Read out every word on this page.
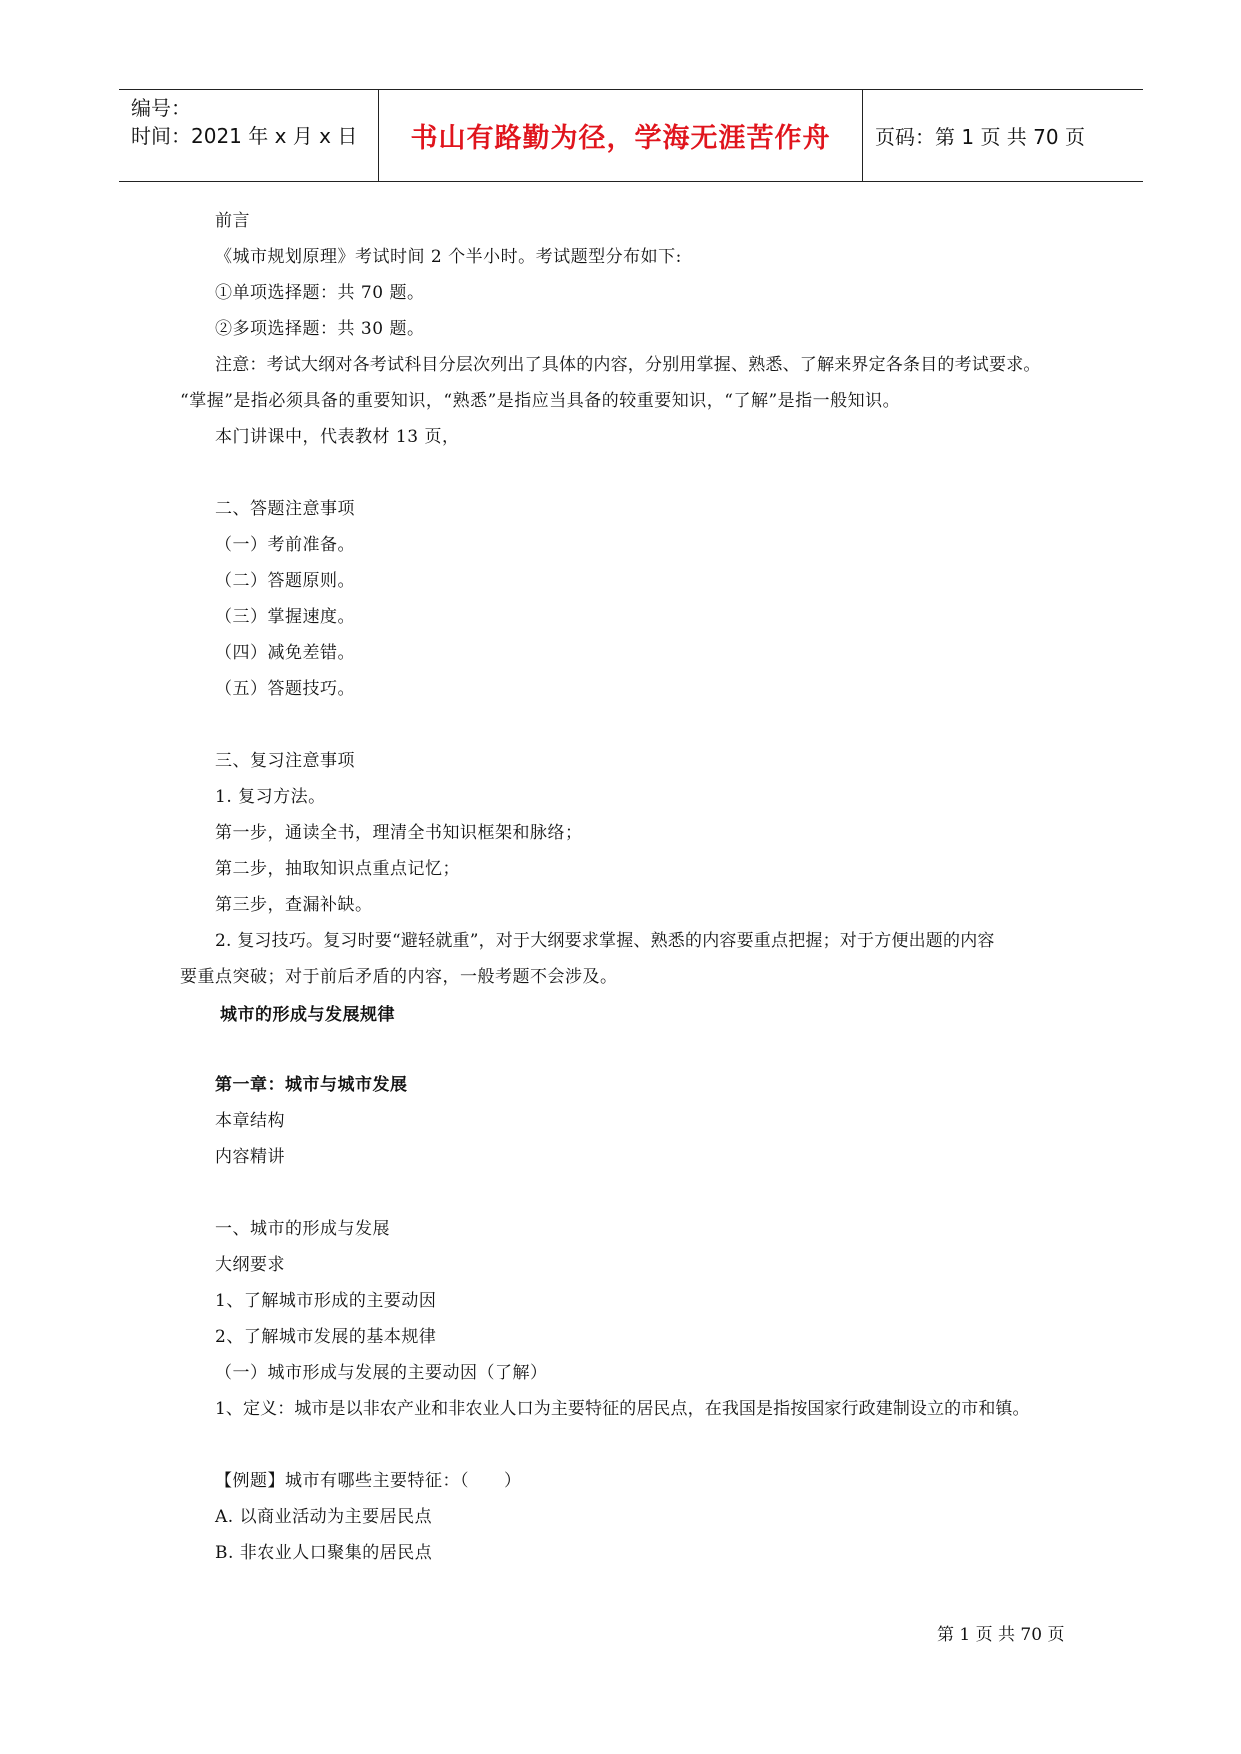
编号：
时间：2021 年 x 月 x 日 书山有路勤为径，学海无涯苦作舟 页码：第 1 页 共 70 页
前言
《城市规划原理》考试时间 2 个半小时。考试题型分布如下:
①单项选择题：共 70 题。
②多项选择题：共 30 题。
注意：考试大纲对各考试科目分层次列出了具体的内容，分别用掌握、熟悉、了解来界定各条目的考试要求。
“掌握”是指必须具备的重要知识，“熟悉”是指应当具备的较重要知识，“了解”是指一般知识。
本门讲课中，代表教材 13 页，
二、答题注意事项
（一）考前准备。
（二）答题原则。
（三）掌握速度。
（四）减免差错。
（五）答题技巧。
三、复习注意事项
1. 复习方法。
第一步，通读全书，理清全书知识框架和脉络；
第二步，抽取知识点重点记忆；
第三步，查漏补缺。
2. 复习技巧。复习时要“避轻就重”，对于大纲要求掌握、熟悉的内容要重点把握；对于方便出题的内容
要重点突破；对于前后矛盾的内容，一般考题不会涉及。
城市的形成与发展规律
第一章：城市与城市发展
本章结构
内容精讲
一、城市的形成与发展
大纲要求
1、了解城市形成的主要动因
2、了解城市发展的基本规律
（一）城市形成与发展的主要动因（了解）
1、定义：城市是以非农产业和非农业人口为主要特征的居民点，在我国是指按国家行政建制设立的市和镇。
【例题】城市有哪些主要特征：（　　）
A. 以商业活动为主要居民点
B. 非农业人口聚集的居民点
第 1 页 共 70 页
